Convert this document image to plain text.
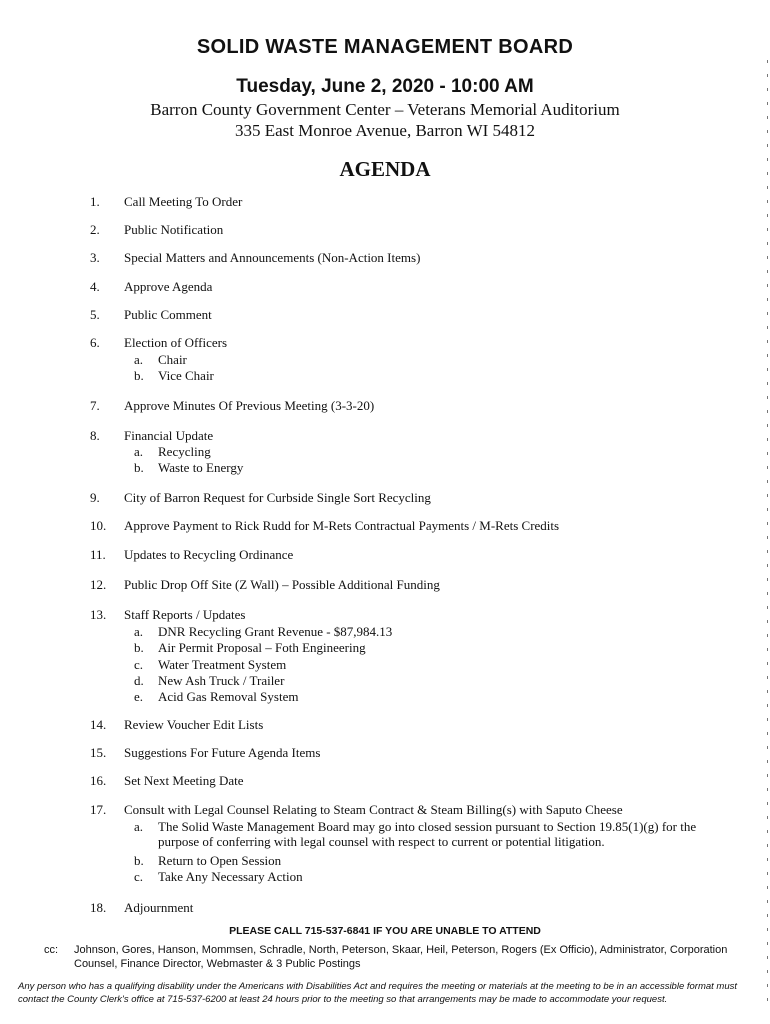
SOLID WASTE MANAGEMENT BOARD
Tuesday, June 2, 2020 - 10:00 AM
Barron County Government Center – Veterans Memorial Auditorium
335 East Monroe Avenue, Barron WI 54812
AGENDA
1.	Call Meeting To Order
2.	Public Notification
3.	Special Matters and Announcements (Non-Action Items)
4.	Approve Agenda
5.	Public Comment
6.	Election of Officers
a.	Chair
b.	Vice Chair
7.	Approve Minutes Of Previous Meeting (3-3-20)
8.	Financial Update
a.	Recycling
b.	Waste to Energy
9.	City of Barron Request for Curbside Single Sort Recycling
10.	Approve Payment to Rick Rudd for M-Rets Contractual Payments / M-Rets Credits
11.	Updates to Recycling Ordinance
12.	Public Drop Off Site (Z Wall) – Possible Additional Funding
13.	Staff Reports / Updates
a.	DNR Recycling Grant Revenue - $87,984.13
b.	Air Permit Proposal – Foth Engineering
c.	Water Treatment System
d.	New Ash Truck / Trailer
e.	Acid Gas Removal System
14.	Review Voucher Edit Lists
15.	Suggestions For Future Agenda Items
16.	Set Next Meeting Date
17.	Consult with Legal Counsel Relating to Steam Contract & Steam Billing(s) with Saputo Cheese
a.	The Solid Waste Management Board may go into closed session pursuant to Section 19.85(1)(g) for the purpose of conferring with legal counsel with respect to current or potential litigation.
b.	Return to Open Session
c.	Take Any Necessary Action
18.	Adjournment
PLEASE CALL 715-537-6841 IF YOU ARE UNABLE TO ATTEND
cc:	Johnson, Gores, Hanson, Mommsen, Schradle, North, Peterson, Skaar, Heil, Peterson, Rogers (Ex Officio), Administrator, Corporation Counsel, Finance Director, Webmaster & 3 Public Postings
Any person who has a qualifying disability under the Americans with Disabilities Act and requires the meeting or materials at the meeting to be in an accessible format must contact the County Clerk's office at 715-537-6200 at least 24 hours prior to the meeting so that arrangements may be made to accommodate your request.
